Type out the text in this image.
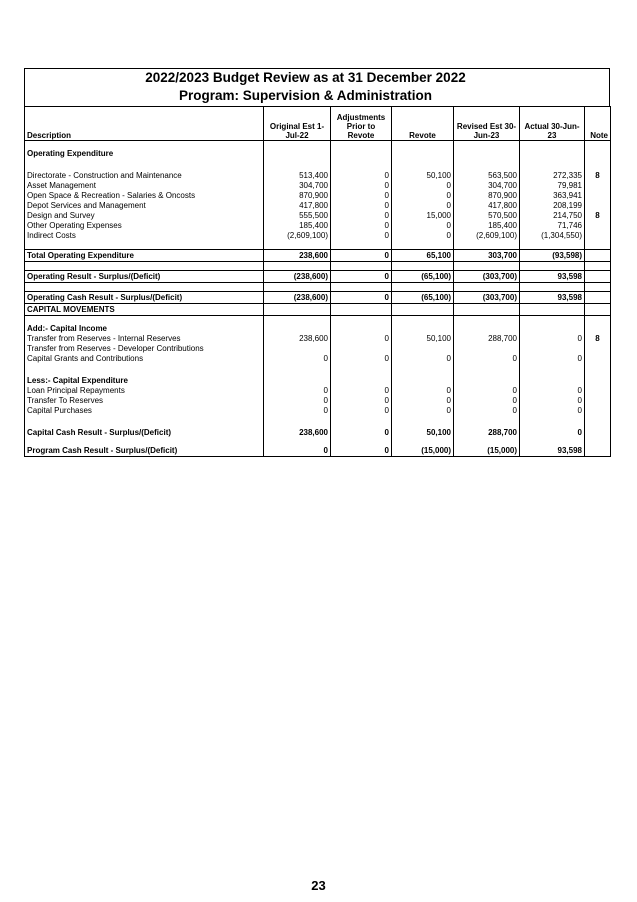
2022/2023 Budget Review as at 31 December 2022
Program: Supervision & Administration
Description	Original Est 1-Jul-22	Adjustments Prior to Revote	Revote	Revised Est 30-Jun-23	Actual 30-Jun-23	Note

Operating Expenditure						

Directorate - Construction and Maintenance	513,400	0	50,100	563,500	272,335	8
Asset Management	304,700	0	0	304,700	79,981	
Open Space & Recreation - Salaries & Oncosts	870,900	0	0	870,900	363,941	
Depot Services and Management	417,800	0	0	417,800	208,199	
Design and Survey	555,500	0	15,000	570,500	214,750	8
Other Operating Expenses	185,400	0	0	185,400	71,746	
Indirect Costs	(2,609,100)	0	0	(2,609,100)	(1,304,550)	

Total Operating Expenditure	238,600	0	65,100	303,700	(93,598)	

Operating Result - Surplus/(Deficit)	(238,600)	0	(65,100)	(303,700)	93,598	

Operating Cash Result - Surplus/(Deficit)	(238,600)	0	(65,100)	(303,700)	93,598	
CAPITAL MOVEMENTS						

Add:- Capital Income						
Transfer from Reserves - Internal Reserves	238,600	0	50,100	288,700	0	8
Transfer from Reserves - Developer Contributions						
Capital Grants and Contributions	0	0	0	0	0	

Less:- Capital Expenditure						
Loan Principal Repayments	0	0	0	0	0	
Transfer To Reserves	0	0	0	0	0	
Capital Purchases	0	0	0	0	0	

Capital Cash Result - Surplus/(Deficit)	238,600	0	50,100	288,700	0	

Program Cash Result - Surplus/(Deficit)	0	0	(15,000)	(15,000)	93,598	
23
